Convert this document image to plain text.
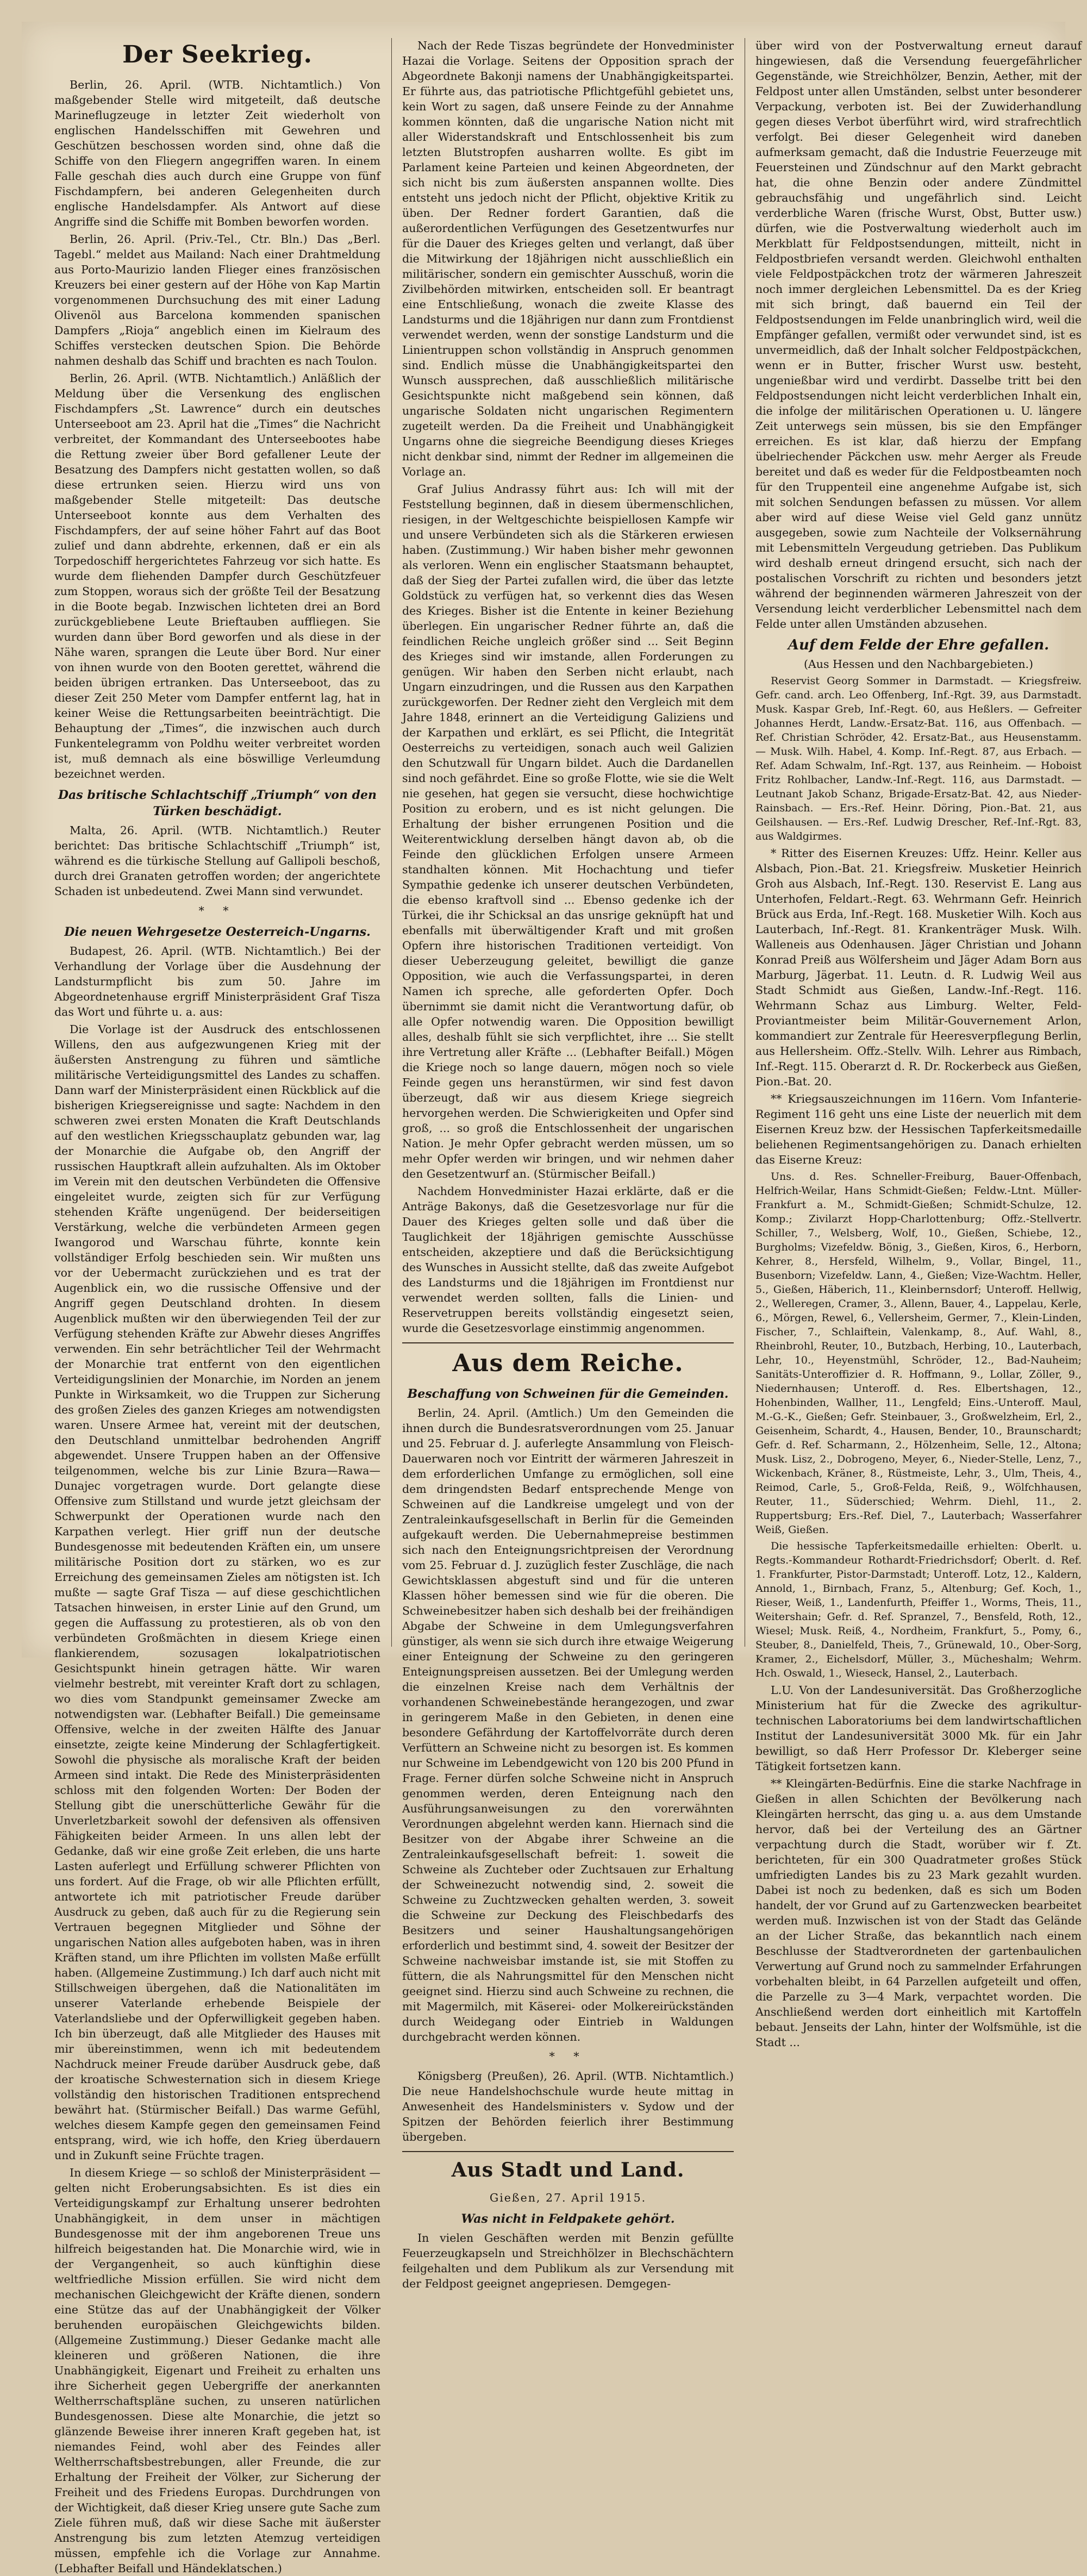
Der Seekrieg.

Berlin, 26. April. (WTB. Nichtamtlich.) Von maßgebender Stelle wird mitgeteilt, daß deutsche Marineflugzeuge in letzter Zeit wiederholt von englischen Handelsschiffen mit Gewehren und Geschützen beschossen worden sind, ohne daß die Schiffe von den Fliegern angegriffen waren. In einem Falle geschah dies auch durch eine Gruppe von fünf Fischdampfern, bei anderen Gelegenheiten durch englische Handelsdampfer. Als Antwort auf diese Angriffe sind die Schiffe mit Bomben beworfen worden.

Berlin, 26. April. (Priv.-Tel., Ctr. Bln.) Das „Berl. Tagebl.“ meldet aus Mailand: Nach einer Drahtmeldung aus Porto-Maurizio landen Flieger eines französischen Kreuzers bei einer gestern auf der Höhe von Kap Martin vorgenommenen Durchsuchung des mit einer Ladung Olivenöl aus Barcelona kommenden spanischen Dampfers „Rioja“ angeblich einen im Kielraum des Schiffes verstecken deutschen Spion. Die Behörde nahmen deshalb das Schiff und brachten es nach Toulon.

Berlin, 26. April. (WTB. Nichtamtlich.) Anläßlich der Meldung über die Versenkung des englischen Fischdampfers „St. Lawrence“ durch ein deutsches Unterseeboot am 23. April hat die „Times“ die Nachricht verbreitet, der Kommandant des Unterseebootes habe die Rettung zweier über Bord gefallener Leute der Besatzung des Dampfers nicht gestatten wollen, so daß diese ertrunken seien. Hierzu wird uns von maßgebender Stelle mitgeteilt: Das deutsche Unterseeboot konnte aus dem Verhalten des Fischdampfers, der auf seine höher Fahrt auf das Boot zulief und dann abdrehte, erkennen, daß er ein als Torpedoschiff hergerichtetes Fahrzeug vor sich hatte. Es wurde dem fliehenden Dampfer durch Geschützfeuer zum Stoppen, woraus sich der größte Teil der Besatzung in die Boote begab. Inzwischen lichteten drei an Bord zurückgebliebene Leute Brieftauben auffliegen. Sie wurden dann über Bord geworfen und als diese in der Nähe waren, sprangen die Leute über Bord. Nur einer von ihnen wurde von den Booten gerettet, während die beiden übrigen ertranken. Das Unterseeboot, das zu dieser Zeit 250 Meter vom Dampfer entfernt lag, hat in keiner Weise die Rettungsarbeiten beeinträchtigt. Die Behauptung der „Times“, die inzwischen auch durch Funkentelegramm von Poldhu weiter verbreitet worden ist, muß demnach als eine böswillige Verleumdung bezeichnet werden.

Das britische Schlachtschiff „Triumph“ von den Türken beschädigt.

Malta, 26. April. (WTB. Nichtamtlich.) Reuter berichtet: Das britische Schlachtschiff „Triumph“ ist, während es die türkische Stellung auf Gallipoli beschoß, durch drei Granaten getroffen worden; der angerichtete Schaden ist unbedeutend. Zwei Mann sind verwundet.

* *

Die neuen Wehrgesetze Oesterreich-Ungarns.

Budapest, 26. April. (WTB. Nichtamtlich.) Bei der Verhandlung der Vorlage über die Ausdehnung der Landsturmpflicht bis zum 50. Jahre im Abgeordnetenhause ergriff Ministerpräsident Graf Tisza das Wort und führte u. a. aus:

Die Vorlage ist der Ausdruck des entschlossenen Willens, den aus aufgezwungenen Krieg mit der äußersten Anstrengung zu führen und sämtliche militärische Verteidigungsmittel des Landes zu schaffen. Dann warf der Ministerpräsident einen Rückblick auf die bisherigen Kriegsereignisse und sagte: Nachdem in den schweren zwei ersten Monaten die Kraft Deutschlands auf den westlichen Kriegsschauplatz gebunden war, lag der Monarchie die Aufgabe ob, den Angriff der russischen Hauptkraft allein aufzuhalten. Als im Oktober im Verein mit den deutschen Verbündeten die Offensive eingeleitet wurde, zeigten sich für zur Verfügung stehenden Kräfte ungenügend. Der beiderseitigen Verstärkung, welche die verbündeten Armeen gegen Iwangorod und Warschau führte, konnte kein vollständiger Erfolg beschieden sein. Wir mußten uns vor der Uebermacht zurückziehen und es trat der Augenblick ein, wo die russische Offensive und der Angriff gegen Deutschland drohten. In diesem Augenblick mußten wir den überwiegenden Teil der zur Verfügung stehenden Kräfte zur Abwehr dieses Angriffes verwenden. Ein sehr beträchtlicher Teil der Wehrmacht der Monarchie trat entfernt von den eigentlichen Verteidigungslinien der Monarchie, im Norden an jenem Punkte in Wirksamkeit, wo die Truppen zur Sicherung des großen Zieles des ganzen Krieges am notwendigsten waren. Unsere Armee hat, vereint mit der deutschen, den Deutschland unmittelbar bedrohenden Angriff abgewendet. Unsere Truppen haben an der Offensive teilgenommen, welche bis zur Linie Bzura—Rawa—Dunajec vorgetragen wurde. Dort gelangte diese Offensive zum Stillstand und wurde jetzt gleichsam der Schwerpunkt der Operationen wurde nach den Karpathen verlegt. Hier griff nun der deutsche Bundesgenosse mit bedeutenden Kräften ein, um unsere militärische Position dort zu stärken, wo es zur Erreichung des gemeinsamen Zieles am nötigsten ist. Ich mußte — sagte Graf Tisza — auf diese geschichtlichen Tatsachen hinweisen, in erster Linie auf den Grund, um gegen die Auffassung zu protestieren, als ob von den verbündeten Großmächten in diesem Kriege einen flankierendem, sozusagen lokalpatriotischen Gesichtspunkt hinein getragen hätte. Wir waren vielmehr bestrebt, mit vereinter Kraft dort zu schlagen, wo dies vom Standpunkt gemeinsamer Zwecke am notwendigsten war. (Lebhafter Beifall.) Die gemeinsame Offensive, welche in der zweiten Hälfte des Januar einsetzte, zeigte keine Minderung der Schlagfertigkeit. Sowohl die physische als moralische Kraft der beiden Armeen sind intakt. Die Rede des Ministerpräsidenten schloss mit den folgenden Worten: Der Boden der Stellung gibt die unerschütterliche Gewähr für die Unverletzbarkeit sowohl der defensiven als offensiven Fähigkeiten beider Armeen. In uns allen lebt der Gedanke, daß wir eine große Zeit erleben, die uns harte Lasten auferlegt und Erfüllung schwerer Pflichten von uns fordert. Auf die Frage, ob wir alle Pflichten erfüllt, antwortete ich mit patriotischer Freude darüber Ausdruck zu geben, daß auch für zu die Regierung sein Vertrauen begegnen Mitglieder und Söhne der ungarischen Nation alles aufgeboten haben, was in ihren Kräften stand, um ihre Pflichten im vollsten Maße erfüllt haben. (Allgemeine Zustimmung.) Ich darf auch nicht mit Stillschweigen übergehen, daß die Nationalitäten im unserer Vaterlande erhebende Beispiele der Vaterlandsliebe und der Opferwilligkeit gegeben haben. Ich bin überzeugt, daß alle Mitglieder des Hauses mit mir übereinstimmen, wenn ich mit bedeutendem Nachdruck meiner Freude darüber Ausdruck gebe, daß der kroatische Schwesternation sich in diesem Kriege vollständig den historischen Traditionen entsprechend bewährt hat. (Stürmischer Beifall.) Das warme Gefühl, welches diesem Kampfe gegen den gemeinsamen Feind entsprang, wird, wie ich hoffe, den Krieg überdauern und in Zukunft seine Früchte tragen.

In diesem Kriege — so schloß der Ministerpräsident — gelten nicht Eroberungsabsichten. Es ist dies ein Verteidigungskampf zur Erhaltung unserer bedrohten Unabhängigkeit, in dem unser in mächtigen Bundesgenosse mit der ihm angeborenen Treue uns hilfreich beigestanden hat. Die Monarchie wird, wie in der Vergangenheit, so auch künftighin diese weltfriedliche Mission erfüllen. Sie wird nicht dem mechanischen Gleichgewicht der Kräfte dienen, sondern eine Stütze das auf der Unabhängigkeit der Völker beruhenden europäischen Gleichgewichts bilden. (Allgemeine Zustimmung.) Dieser Gedanke macht alle kleineren und größeren Nationen, die ihre Unabhängigkeit, Eigenart und Freiheit zu erhalten uns ihre Sicherheit gegen Uebergriffe der anerkannten Weltherrschaftspläne suchen, zu unseren natürlichen Bundesgenossen. Diese alte Monarchie, die jetzt so glänzende Beweise ihrer inneren Kraft gegeben hat, ist niemandes Feind, wohl aber des Feindes aller Weltherrschaftsbestrebungen, aller Freunde, die zur Erhaltung der Freiheit der Völker, zur Sicherung der Freiheit und des Friedens Europas. Durchdrungen von der Wichtigkeit, daß dieser Krieg unsere gute Sache zum Ziele führen muß, daß wir diese Sache mit äußerster Anstrengung bis zum letzten Atemzug verteidigen müssen, empfehle ich die Vorlage zur Annahme. (Lebhafter Beifall und Händeklatschen.)

Nach der Rede Tiszas begründete der Honvedminister Hazai die Vorlage. Seitens der Opposition sprach der Abgeordnete Bakonji namens der Unabhängigkeitspartei. Er führte aus, das patriotische Pflichtgefühl gebietet uns, kein Wort zu sagen, daß unsere Feinde zu der Annahme kommen könnten, daß die ungarische Nation nicht mit aller Widerstandskraft und Entschlossenheit bis zum letzten Blutstropfen ausharren wollte. Es gibt im Parlament keine Parteien und keinen Abgeordneten, der sich nicht bis zum äußersten anspannen wollte. Dies entsteht uns jedoch nicht der Pflicht, objektive Kritik zu üben. Der Redner fordert Garantien, daß die außerordentlichen Verfügungen des Gesetzentwurfes nur für die Dauer des Krieges gelten und verlangt, daß über die Mitwirkung der 18jährigen nicht ausschließlich ein militärischer, sondern ein gemischter Ausschuß, worin die Zivilbehörden mitwirken, entscheiden soll. Er beantragt eine Entschließung, wonach die zweite Klasse des Landsturms und die 18jährigen nur dann zum Frontdienst verwendet werden, wenn der sonstige Landsturm und die Linientruppen schon vollständig in Anspruch genommen sind. Endlich müsse die Unabhängigkeitspartei den Wunsch aussprechen, daß ausschließlich militärische Gesichtspunkte nicht maßgebend sein können, daß ungarische Soldaten nicht ungarischen Regimentern zugeteilt werden. Da die Freiheit und Unabhängigkeit Ungarns ohne die siegreiche Beendigung dieses Krieges nicht denkbar sind, nimmt der Redner im allgemeinen die Vorlage an.

Graf Julius Andrassy führt aus: Ich will mit der Feststellung beginnen, daß in diesem übermenschlichen, riesigen, in der Weltgeschichte beispiellosen Kampfe wir und unsere Verbündeten sich als die Stärkeren erwiesen haben. (Zustimmung.) Wir haben bisher mehr gewonnen als verloren. Wenn ein englischer Staatsmann behauptet, daß der Sieg der Partei zufallen wird, die über das letzte Goldstück zu verfügen hat, so verkennt dies das Wesen des Krieges. Bisher ist die Entente in keiner Beziehung überlegen. Ein ungarischer Redner führte an, daß die feindlichen Reiche ungleich größer sind ... Seit Beginn des Krieges sind wir imstande, allen Forderungen zu genügen. Wir haben den Serben nicht erlaubt, nach Ungarn einzudringen, und die Russen aus den Karpathen zurückgeworfen. Der Redner zieht den Vergleich mit dem Jahre 1848, erinnert an die Verteidigung Galiziens und der Karpathen und erklärt, es sei Pflicht, die Integrität Oesterreichs zu verteidigen, sonach auch weil Galizien den Schutzwall für Ungarn bildet. Auch die Dardanellen sind noch gefährdet. Eine so große Flotte, wie sie die Welt nie gesehen, hat gegen sie versucht, diese hochwichtige Position zu erobern, und es ist nicht gelungen. Die Erhaltung der bisher errungenen Position und die Weiterentwicklung derselben hängt davon ab, ob die Feinde den glücklichen Erfolgen unsere Armeen standhalten können. Mit Hochachtung und tiefer Sympathie gedenke ich unserer deutschen Verbündeten, die ebenso kraftvoll sind ... Ebenso gedenke ich der Türkei, die ihr Schicksal an das unsrige geknüpft hat und ebenfalls mit überwältigender Kraft und mit großen Opfern ihre historischen Traditionen verteidigt. Von dieser Ueberzeugung geleitet, bewilligt die ganze Opposition, wie auch die Verfassungspartei, in deren Namen ich spreche, alle geforderten Opfer. Doch übernimmt sie damit nicht die Verantwortung dafür, ob alle Opfer notwendig waren. Die Opposition bewilligt alles, deshalb fühlt sie sich verpflichtet, ihre ... Sie stellt ihre Vertretung aller Kräfte ... (Lebhafter Beifall.) Mögen die Kriege noch so lange dauern, mögen noch so viele Feinde gegen uns heranstürmen, wir sind fest davon überzeugt, daß wir aus diesem Kriege siegreich hervorgehen werden. Die Schwierigkeiten und Opfer sind groß, ... so groß die Entschlossenheit der ungarischen Nation. Je mehr Opfer gebracht werden müssen, um so mehr Opfer werden wir bringen, und wir nehmen daher den Gesetzentwurf an. (Stürmischer Beifall.)

Nachdem Honvedminister Hazai erklärte, daß er die Anträge Bakonys, daß die Gesetzesvorlage nur für die Dauer des Krieges gelten solle und daß über die Tauglichkeit der 18jährigen gemischte Ausschüsse entscheiden, akzeptiere und daß die Berücksichtigung des Wunsches in Aussicht stellte, daß das zweite Aufgebot des Landsturms und die 18jährigen im Frontdienst nur verwendet werden sollten, falls die Linien- und Reservetruppen bereits vollständig eingesetzt seien, wurde die Gesetzesvorlage einstimmig angenommen.

Aus dem Reiche.
Beschaffung von Schweinen für die Gemeinden.

Berlin, 24. April. (Amtlich.) Um den Gemeinden die ihnen durch die Bundesratsverordnungen vom 25. Januar und 25. Februar d. J. auferlegte Ansammlung von Fleisch-Dauerwaren noch vor Eintritt der wärmeren Jahreszeit in dem erforderlichen Umfange zu ermöglichen, soll eine dem dringendsten Bedarf entsprechende Menge von Schweinen auf die Landkreise umgelegt und von der Zentraleinkaufsgesellschaft in Berlin für die Gemeinden aufgekauft werden. Die Uebernahmepreise bestimmen sich nach den Enteignungsrichtpreisen der Verordnung vom 25. Februar d. J. zuzüglich fester Zuschläge, die nach Gewichtsklassen abgestuft sind und für die unteren Klassen höher bemessen sind wie für die oberen. Die Schweinebesitzer haben sich deshalb bei der freihändigen Abgabe der Schweine in dem Umlegungsverfahren günstiger, als wenn sie sich durch ihre etwaige Weigerung einer Enteignung der Schweine zu den geringeren Enteignungspreisen aussetzen. Bei der Umlegung werden die einzelnen Kreise nach dem Verhältnis der vorhandenen Schweinebestände herangezogen, und zwar in geringerem Maße in den Gebieten, in denen eine besondere Gefährdung der Kartoffelvorräte durch deren Verfüttern an Schweine nicht zu besorgen ist. Es kommen nur Schweine im Lebendgewicht von 120 bis 200 Pfund in Frage. Ferner dürfen solche Schweine nicht in Anspruch genommen werden, deren Enteignung nach den Ausführungsanweisungen zu den vorerwähnten Verordnungen abgelehnt werden kann. Hiernach sind die Besitzer von der Abgabe ihrer Schweine an die Zentraleinkaufsgesellschaft befreit: 1. soweit die Schweine als Zuchteber oder Zuchtsauen zur Erhaltung der Schweinezucht notwendig sind, 2. soweit die Schweine zu Zuchtzwecken gehalten werden, 3. soweit die Schweine zur Deckung des Fleischbedarfs des Besitzers und seiner Haushaltungsangehörigen erforderlich und bestimmt sind, 4. soweit der Besitzer der Schweine nachweisbar imstande ist, sie mit Stoffen zu füttern, die als Nahrungsmittel für den Menschen nicht geeignet sind. Hierzu sind auch Schweine zu rechnen, die mit Magermilch, mit Käserei- oder Molkereirückständen durch Weidegang oder Eintrieb in Waldungen durchgebracht werden können.

* *

Königsberg (Preußen), 26. April. (WTB. Nichtamtlich.) Die neue Handelshochschule wurde heute mittag in Anwesenheit des Handelsministers v. Sydow und der Spitzen der Behörden feierlich ihrer Bestimmung übergeben.

Aus Stadt und Land.

Gießen, 27. April 1915.

Was nicht in Feldpakete gehört.

In vielen Geschäften werden mit Benzin gefüllte Feuerzeugkapseln und Streichhölzer in Blechschächtern feilgehalten und dem Publikum als zur Versendung mit der Feldpost geeignet angepriesen. Demgegen-

über wird von der Postverwaltung erneut darauf hingewiesen, daß die Versendung feuergefährlicher Gegenstände, wie Streichhölzer, Benzin, Aether, mit der Feldpost unter allen Umständen, selbst unter besonderer Verpackung, verboten ist. Bei der Zuwiderhandlung gegen dieses Verbot überführt wird, wird strafrechtlich verfolgt. Bei dieser Gelegenheit wird daneben aufmerksam gemacht, daß die Industrie Feuerzeuge mit Feuersteinen und Zündschnur auf den Markt gebracht hat, die ohne Benzin oder andere Zündmittel gebrauchsfähig und ungefährlich sind. Leicht verderbliche Waren (frische Wurst, Obst, Butter usw.) dürfen, wie die Postverwaltung wiederholt auch im Merkblatt für Feldpostsendungen, mitteilt, nicht in Feldpostbriefen versandt werden. Gleichwohl enthalten viele Feldpostpäckchen trotz der wärmeren Jahreszeit noch immer dergleichen Lebensmittel. Da es der Krieg mit sich bringt, daß bauernd ein Teil der Feldpostsendungen im Felde unanbringlich wird, weil die Empfänger gefallen, vermißt oder verwundet sind, ist es unvermeidlich, daß der Inhalt solcher Feldpostpäckchen, wenn er in Butter, frischer Wurst usw. besteht, ungenießbar wird und verdirbt. Dasselbe tritt bei den Feldpostsendungen nicht leicht verderblichen Inhalt ein, die infolge der militärischen Operationen u. U. längere Zeit unterwegs sein müssen, bis sie den Empfänger erreichen. Es ist klar, daß hierzu der Empfang übelriechender Päckchen usw. mehr Aerger als Freude bereitet und daß es weder für die Feldpostbeamten noch für den Truppenteil eine angenehme Aufgabe ist, sich mit solchen Sendungen befassen zu müssen. Vor allem aber wird auf diese Weise viel Geld ganz unnütz ausgegeben, sowie zum Nachteile der Volksernährung mit Lebensmitteln Vergeudung getrieben. Das Publikum wird deshalb erneut dringend ersucht, sich nach der postalischen Vorschrift zu richten und besonders jetzt während der beginnenden wärmeren Jahreszeit von der Versendung leicht verderblicher Lebensmittel nach dem Felde unter allen Umständen abzusehen.

Auf dem Felde der Ehre gefallen.

(Aus Hessen und den Nachbargebieten.)

Reservist Georg Sommer in Darmstadt. — Kriegsfreiw. Gefr. cand. arch. Leo Offenberg, Inf.-Rgt. 39, aus Darmstadt. Musk. Kaspar Greb, Inf.-Regt. 60, aus Heßlers. — Gefreiter Johannes Herdt, Landw.-Ersatz-Bat. 116, aus Offenbach. — Ref. Christian Schröder, 42. Ersatz-Bat., aus Heusenstamm. — Musk. Wilh. Habel, 4. Komp. Inf.-Regt. 87, aus Erbach. — Ref. Adam Schwalm, Inf.-Rgt. 137, aus Reinheim. — Hoboist Fritz Rohlbacher, Landw.-Inf.-Regt. 116, aus Darmstadt. — Leutnant Jakob Schanz, Brigade-Ersatz-Bat. 42, aus Nieder-Rainsbach. — Ers.-Ref. Heinr. Döring, Pion.-Bat. 21, aus Geilshausen. — Ers.-Ref. Ludwig Drescher, Ref.-Inf.-Rgt. 83, aus Waldgirmes.

* Ritter des Eisernen Kreuzes: Uffz. Heinr. Keller aus Alsbach, Pion.-Bat. 21. Kriegsfreiw. Musketier Heinrich Groh aus Alsbach, Inf.-Regt. 130. Reservist E. Lang aus Unterhofen, Feldart.-Regt. 63. Wehrmann Gefr. Heinrich Brück aus Erda, Inf.-Regt. 168. Musketier Wilh. Koch aus Lauterbach, Inf.-Regt. 81. Krankenträger Musk. Wilh. Walleneis aus Odenhausen. Jäger Christian und Johann Konrad Preiß aus Wölfersheim und Jäger Adam Born aus Marburg, Jägerbat. 11. Leutn. d. R. Ludwig Weil aus Stadt Schmidt aus Gießen, Landw.-Inf.-Regt. 116. Wehrmann Schaz aus Limburg. Welter, Feld-Proviantmeister beim Militär-Gouvernement Arlon, kommandiert zur Zentrale für Heeresverpflegung Berlin, aus Hellersheim. Offz.-Stellv. Wilh. Lehrer aus Rimbach, Inf.-Regt. 115. Oberarzt d. R. Dr. Rockerbeck aus Gießen, Pion.-Bat. 20.

** Kriegsauszeichnungen im 116ern. Vom Infanterie-Regiment 116 geht uns eine Liste der neuerlich mit dem Eisernen Kreuz bzw. der Hessischen Tapferkeitsmedaille beliehenen Regimentsangehörigen zu. Danach erhielten das Eiserne Kreuz:

Uns. d. Res. Schneller-Freiburg, Bauer-Offenbach, Helfrich-Weilar, Hans Schmidt-Gießen; Feldw.-Ltnt. Müller-Frankfurt a. M., Schmidt-Gießen; Schmidt-Schulze, 12. Komp.; Zivilarzt Hopp-Charlottenburg; Offz.-Stellvertr. Schiller, 7., Welsberg, Wolf, 10., Gießen, Schiebe, 12., Burgholms; Vizefeldw. Bönig, 3., Gießen, Kiros, 6., Herborn, Kehrer, 8., Hersfeld, Wilhelm, 9., Vollar, Bingel, 11., Busenborn; Vizefeldw. Lann, 4., Gießen; Vize-Wachtm. Heller, 5., Gießen, Häberich, 11., Kleinbernsdorf; Unteroff. Hellwig, 2., Welleregen, Cramer, 3., Allenn, Bauer, 4., Lappelau, Kerle, 6., Mörgen, Rewel, 6., Vellersheim, Germer, 7., Klein-Linden, Fischer, 7., Schlaiftein, Valenkamp, 8., Auf. Wahl, 8., Rheinbrohl, Reuter, 10., Butzbach, Herbing, 10., Lauterbach, Lehr, 10., Heyenstmühl, Schröder, 12., Bad-Nauheim; Sanitäts-Unteroffizier d. R. Hoffmann, 9., Lollar, Zöller, 9., Niedernhausen; Unteroff. d. Res. Elbertshagen, 12., Hohenbinden, Wallher, 11., Lengfeld; Eins.-Unteroff. Maul, M.-G.-K., Gießen; Gefr. Steinbauer, 3., Großwelzheim, Erl, 2., Geisenheim, Schardt, 4., Hausen, Bender, 10., Braunschardt; Gefr. d. Ref. Scharmann, 2., Hölzenheim, Selle, 12., Altona; Musk. Lisz, 2., Dobrogeno, Meyer, 6., Nieder-Stelle, Lenz, 7., Wickenbach, Kräner, 8., Rüstmeiste, Lehr, 3., Ulm, Theis, 4., Reimod, Carle, 5., Groß-Felda, Reiß, 9., Wölfchhausen, Reuter, 11., Süderschied; Wehrm. Diehl, 11., 2. Ruppertsburg; Ers.-Ref. Diel, 7., Lauterbach; Wasserfahrer Weiß, Gießen.

Die hessische Tapferkeitsmedaille erhielten: Oberlt. u. Regts.-Kommandeur Rothardt-Friedrichsdorf; Oberlt. d. Ref. 1. Frankfurter, Pistor-Darmstadt; Unteroff. Lotz, 12., Kaldern, Annold, 1., Birnbach, Franz, 5., Altenburg; Gef. Koch, 1., Rieser, Weiß, 1., Landenfurth, Pfeiffer 1., Worms, Theis, 11., Weitershain; Gefr. d. Ref. Spranzel, 7., Bensfeld, Roth, 12., Wiesel; Musk. Reiß, 4., Nordheim, Frankfurt, 5., Pomy, 6., Steuber, 8., Danielfeld, Theis, 7., Grünewald, 10., Ober-Sorg, Kramer, 2., Eichelsdorf, Müller, 3., Mücheshalm; Wehrm. Hch. Oswald, 1., Wieseck, Hansel, 2., Lauterbach.

L.U. Von der Landesuniversität. Das Großherzogliche Ministerium hat für die Zwecke des agrikultur-technischen Laboratoriums bei dem landwirtschaftlichen Institut der Landesuniversität 3000 Mk. für ein Jahr bewilligt, so daß Herr Professor Dr. Kleberger seine Tätigkeit fortsetzen kann.

** Kleingärten-Bedürfnis. Eine die starke Nachfrage in Gießen in allen Schichten der Bevölkerung nach Kleingärten herrscht, das ging u. a. aus dem Umstande hervor, daß bei der Verteilung des an Gärtner verpachtung durch die Stadt, worüber wir f. Zt. berichteten, für ein 300 Quadratmeter großes Stück umfriedigten Landes bis zu 23 Mark gezahlt wurden. Dabei ist noch zu bedenken, daß es sich um Boden handelt, der vor Grund auf zu Gartenzwecken bearbeitet werden muß. Inzwischen ist von der Stadt das Gelände an der Licher Straße, das bekanntlich nach einem Beschlusse der Stadtverordneten der gartenbaulichen Verwertung auf Grund noch zu sammelnder Erfahrungen vorbehalten bleibt, in 64 Parzellen aufgeteilt und offen, die Parzelle zu 3—4 Mark, verpachtet worden. Die Anschließend werden dort einheitlich mit Kartoffeln bebaut. Jenseits der Lahn, hinter der Wolfsmühle, ist die Stadt ...
